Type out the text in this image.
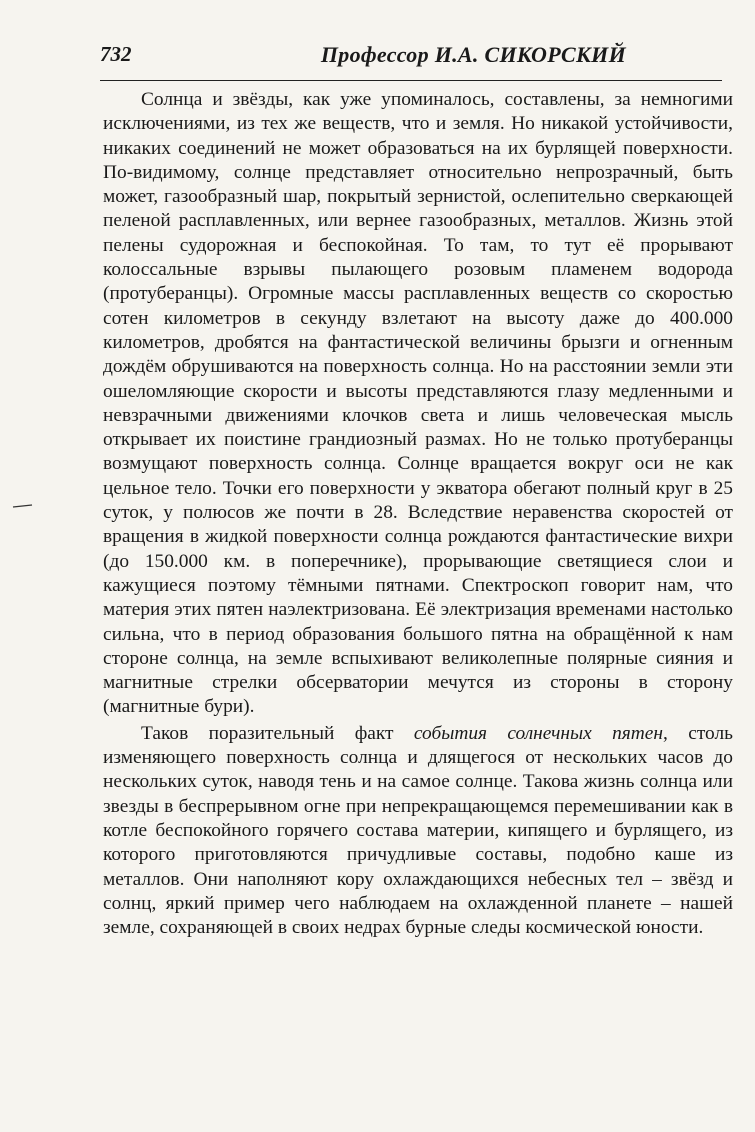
732	Профессор И.А. СИКОРСКИЙ

Солнца и звёзды, как уже упоминалось, составлены, за немногими исключениями, из тех же веществ, что и земля. Но никакой устойчивости, никаких соединений не может образоваться на их бурлящей поверхности. По-видимому, солнце представляет относительно непрозрачный, быть может, газообразный шар, покрытый зернистой, ослепительно сверкающей пеленой расплавленных, или вернее газообразных, металлов. Жизнь этой пелены судорожная и беспокойная. То там, то тут её прорывают колоссальные взрывы пылающего розовым пламенем водорода (протуберанцы). Огромные массы расплавленных веществ со скоростью сотен километров в секунду взлетают на высоту даже до 400.000 километров, дробятся на фантастической величины брызги и огненным дождём обрушиваются на поверхность солнца. Но на расстоянии земли эти ошеломляющие скорости и высоты представляются глазу медленными и невзрачными движениями клочков света и лишь человеческая мысль открывает их поистине грандиозный размах. Но не только протуберанцы возмущают поверхность солнца. Солнце вращается вокруг оси не как цельное тело. Точки его поверхности у экватора обегают полный круг в 25 суток, у полюсов же почти в 28. Вследствие неравенства скоростей от вращения в жидкой поверхности солнца рождаются фантастические вихри (до 150.000 км. в поперечнике), прорывающие светящиеся слои и кажущиеся поэтому тёмными пятнами. Спектроскоп говорит нам, что материя этих пятен наэлектризована. Её электризация временами настолько сильна, что в период образования большого пятна на обращённой к нам стороне солнца, на земле вспыхивают великолепные полярные сияния и магнитные стрелки обсерватории мечутся из стороны в сторону (магнитные бури).

Таков поразительный факт события солнечных пятен, столь изменяющего поверхность солнца и длящегося от нескольких часов до нескольких суток, наводя тень и на самое солнце. Такова жизнь солнца или звезды в беспрерывном огне при непрекращающемся перемешивании как в котле беспокойного горячего состава материи, кипящего и бурлящего, из которого приготовляются причудливые составы, подобно каше из металлов. Они наполняют кору охлаждающихся небесных тел – звёзд и солнц, яркий пример чего наблюдаем на охлажденной планете – нашей земле, сохраняющей в своих недрах бурные следы космической юности.
